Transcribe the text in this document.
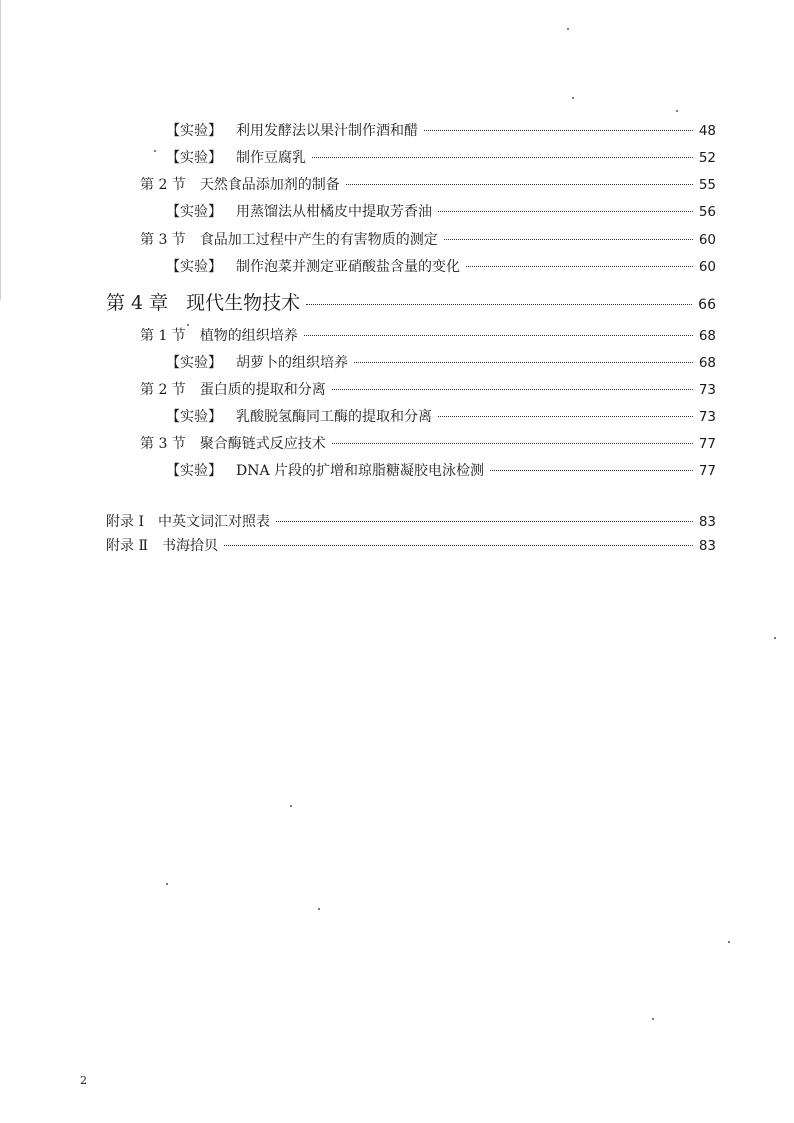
【实验】 利用发酵法以果汁制作酒和醋	48
【实验】 制作豆腐乳	52
第 2 节 天然食品添加剂的制备	55
【实验】 用蒸馏法从柑橘皮中提取芳香油	56
第 3 节 食品加工过程中产生的有害物质的测定	60
【实验】 制作泡菜并测定亚硝酸盐含量的变化	60
第 4 章 现代生物技术	66
第 1 节 植物的组织培养	68
【实验】 胡萝卜的组织培养	68
第 2 节 蛋白质的提取和分离	73
【实验】 乳酸脱氢酶同工酶的提取和分离	73
第 3 节 聚合酶链式反应技术	77
【实验】 DNA 片段的扩增和琼脂糖凝胶电泳检测	77
附录 Ⅰ 中英文词汇对照表	83
附录 Ⅱ 书海拾贝	83
2
